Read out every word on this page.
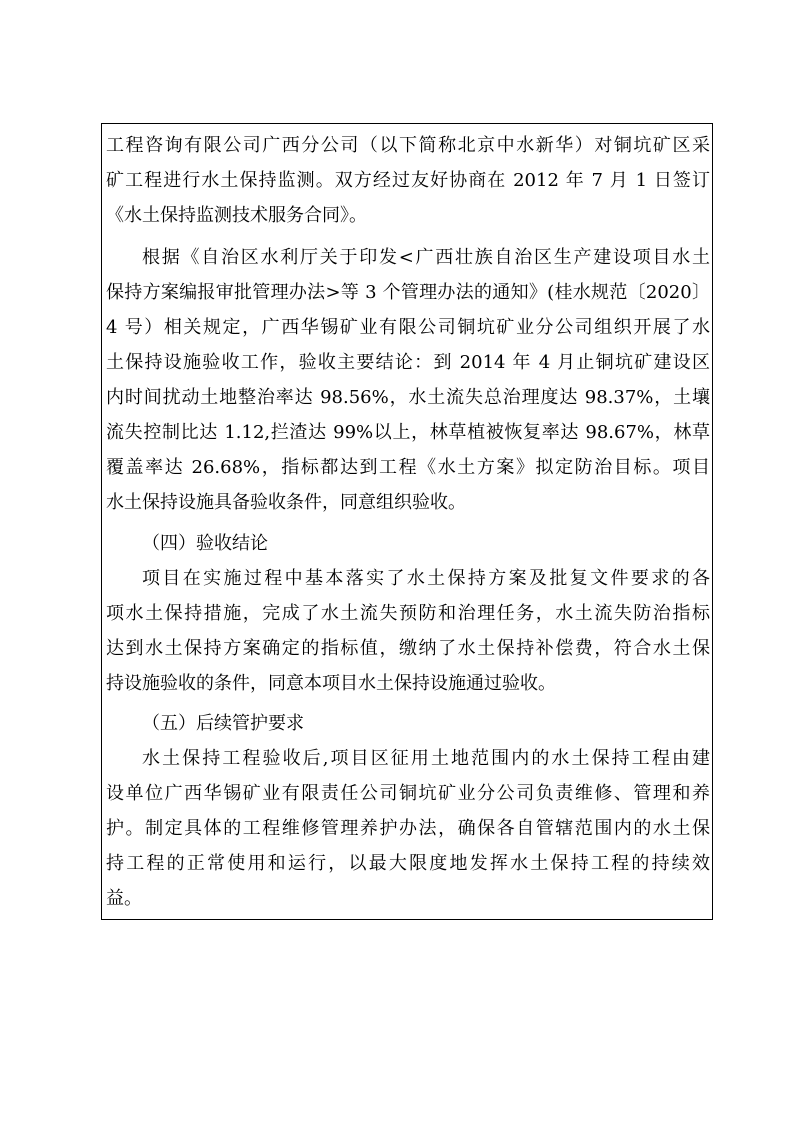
工程咨询有限公司广西分公司（以下简称北京中水新华）对铜坑矿区采
矿工程进行水土保持监测。双方经过友好协商在 2012 年 7 月 1 日签订
《水土保持监测技术服务合同》。
根据《自治区水利厅关于印发<广西壮族自治区生产建设项目水土
保持方案编报审批管理办法>等 3 个管理办法的通知》(桂水规范〔2020〕
4 号）相关规定，广西华锡矿业有限公司铜坑矿业分公司组织开展了水
土保持设施验收工作，验收主要结论：到 2014 年 4 月止铜坑矿建设区
内时间扰动土地整治率达 98.56%，水土流失总治理度达 98.37%，土壤
流失控制比达 1.12,拦渣达 99%以上，林草植被恢复率达 98.67%，林草
覆盖率达 26.68%，指标都达到工程《水土方案》拟定防治目标。项目
水土保持设施具备验收条件，同意组织验收。
（四）验收结论
项目在实施过程中基本落实了水土保持方案及批复文件要求的各
项水土保持措施，完成了水土流失预防和治理任务，水土流失防治指标
达到水土保持方案确定的指标值，缴纳了水土保持补偿费，符合水土保
持设施验收的条件，同意本项目水土保持设施通过验收。
（五）后续管护要求
水土保持工程验收后,项目区征用土地范围内的水土保持工程由建
设单位广西华锡矿业有限责任公司铜坑矿业分公司负责维修、管理和养
护。制定具体的工程维修管理养护办法，确保各自管辖范围内的水土保
持工程的正常使用和运行，以最大限度地发挥水土保持工程的持续效
益。
